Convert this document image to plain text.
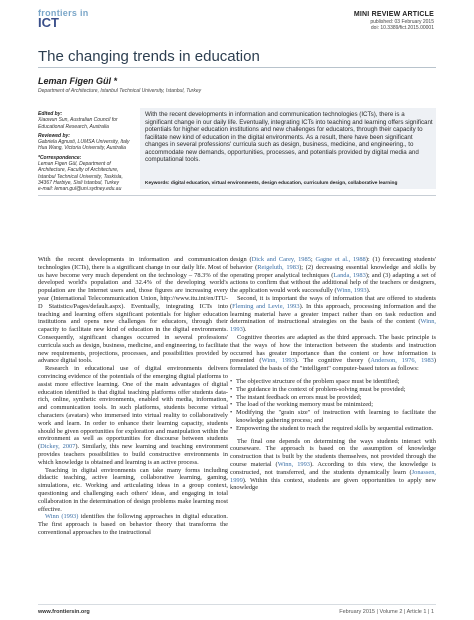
frontiers in
ICT
MINI REVIEW ARTICLE
published: 03 February 2015
doi: 10.3389/fict.2015.00001
The changing trends in education
Leman Figen Gül *
Department of Architecture, Istanbul Technical University, Istanbul, Turkey
Edited by:
Xiaowun Sun, Australian Council for Educational Research, Australia
Reviewed by:
Gabriela Agnusti, LUMSA University, Italy
Hua Wang, Victoria University, Australia
*Correspondence:
Leman Figen Gül, Department of Architecture, Faculty of Architecture, Istanbul Technical University, Taskisla, 34367 Harbiye, Sisli Istanbul, Turkey
e-mail: leman.gul@uni.sydney.edu.au

With the recent developments in information and communication technologies (ICTs), there is a significant change in our daily life. Eventually, integrating ICTs into teaching and learning offers significant potentials for higher education institutions and new challenges for educators, through their capacity to facilitate new kind of education in the digital environments. As a result, there have been significant changes in several professions' curricula such as design, business, medicine, and engineering., to accommodate new demands, opportunities, processes, and potentials provided by digital media and computational tools.

Keywords: digital education, virtual environments, design education, curriculum design, collaborative learning

With the recent developments in information and communication technologies (ICTs), there is a significant change in our daily life. Most of us have become very much dependent on the technology – 78.3% of the developed world's population and 32.4% of the developing world's population are the Internet users and, those figures are increasing every year (International Telecommunication Union, http://www.itu.int/en/ITU-D Statistics/Pages/default.aspx). Eventually, integrating ICTs into teaching and learning offers significant potentials for higher education institutions and opens new challenges for educators, through their capacity to facilitate new kind of education in the digital environments. Consequently, significant changes occurred in several professions' curricula such as design, business, medicine, and engineering, to facilitate new requirements, projections, processes, and possibilities provided by advance digital tools.

Research in educational use of digital environments delivers convincing evidence of the potentials of the emerging digital platforms to assist more effective learning. One of the main advantages of digital education identified is that digital teaching platforms offer students data-rich, online, synthetic environments, enabled with media, information, and communication tools. In such platforms, students become virtual characters (avatars) who immersed into virtual reality to collaboratively work and learn. In order to enhance their learning capacity, students should be given opportunities for exploration and manipulation within the environment as well as opportunities for discourse between students (Dickey, 2007). Similarly, this new learning and teaching environment provides teachers possibilities to build constructive environments in which knowledge is obtained and learning is an active process.

Teaching in digital environments can take many forms including didactic teaching, active learning, collaborative learning, gaming, simulations, etc. Working and articulating ideas in a group context, questioning and challenging each others' ideas, and engaging in total collaboration in the determination of design problems make learning most effective.

Winn (1993) identifies the following approaches in digital education. The first approach is based on behavior theory that transforms the conventional approaches to the instructional

design (Dick and Carey, 1985; Gagne et al., 1988): (1) forecasting students' behavior (Reigeluth, 1983); (2) decreasing essential knowledge and skills by operating proper analytical techniques (Landa, 1983); and (3) adapting a set of actions to confirm that without the additional help of the teachers or designers, the application would work successfully (Winn, 1993).

Second, it is important the ways of information that are offered to students (Fleming and Levie, 1993). In this approach, processing information and the learning material have a greater impact rather than on task reduction and determination of instructional strategies on the basis of the content (Winn, 1993).

Cognitive theories are adapted as the third approach. The basic principle is that the ways of how the interaction between the students and instruction occurred has greater importance than the content or how information is presented (Winn, 1993). The cognitive theory (Anderson, 1976, 1983) formulated the basis of the "intelligent" computer-based tutors as follows:

• The objective structure of the problem space must be identified;
• The guidance in the context of problem-solving must be provided;
• The instant feedback on errors must be provided;
• The load of the working memory must be minimized;
• Modifying the "grain size" of instruction with learning to facilitate the knowledge gathering process; and
• Empowering the student to reach the required skills by sequential estimation.

The final one depends on determining the ways students interact with courseware. The approach is based on the assumption of knowledge construction that is built by the students themselves, not provided through the course material (Winn, 1993). According to this view, the knowledge is constructed, not transferred, and the students dynamically learn (Jonassen, 1999). Within this context, students are given opportunities to apply new knowledge

www.frontiersin.org	February 2015 | Volume 2 | Article 1 | 1
